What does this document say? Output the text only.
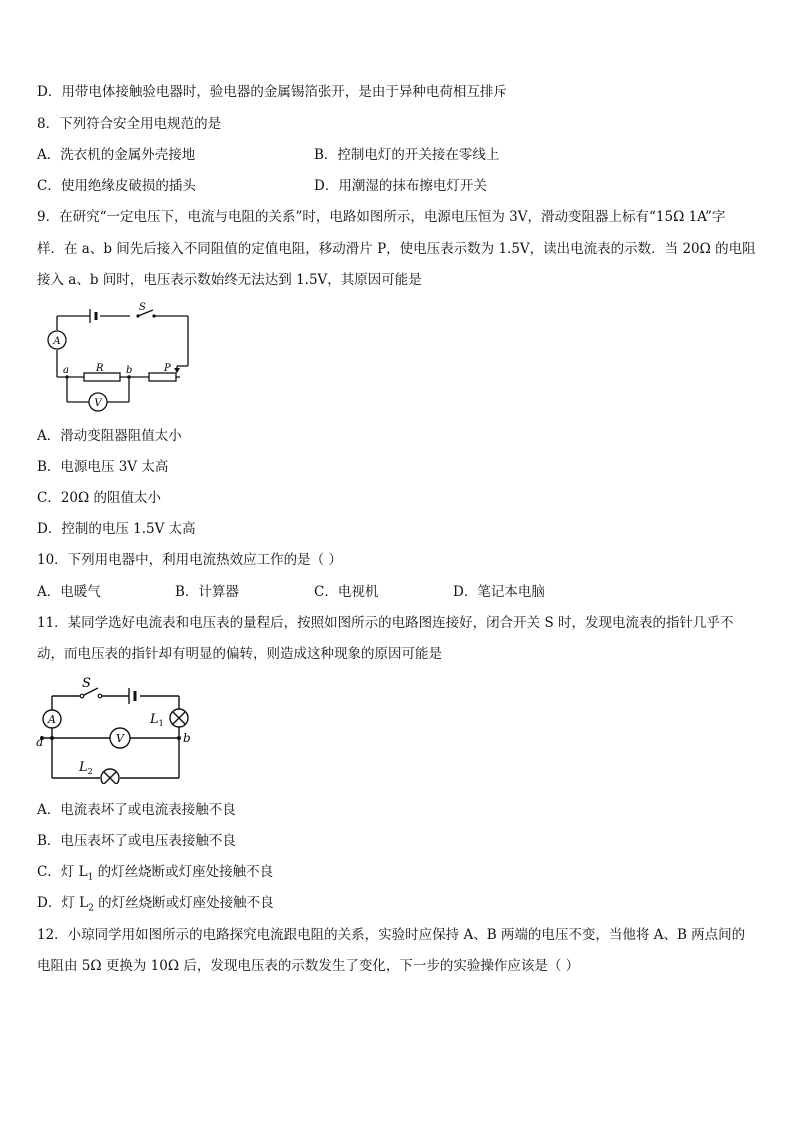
D．用带电体接触验电器时，验电器的金属锡箔张开，是由于异种电荷相互排斥
8．下列符合安全用电规范的是
A．洗衣机的金属外壳接地	B．控制电灯的开关接在零线上
C．使用绝缘皮破损的插头	D．用潮湿的抹布擦电灯开关
9．在研究“一定电压下，电流与电阻的关系”时，电路如图所示，电源电压恒为 3V，滑动变阻器上标有“15Ω 1A”字
样．在 a、b 间先后接入不同阻值的定值电阻，移动滑片 P，使电压表示数为 1.5V，读出电流表的示数．当 20Ω 的电阻
接入 a、b 间时，电压表示数始终无法达到 1.5V，其原因可能是
A
V
S
a	R b	P
A．滑动变阻器阻值太小
B．电源电压 3V 太高
C．20Ω 的阻值太小
D．控制的电压 1.5V 太高
10．下列用电器中，利用电流热效应工作的是（ ）
A．电暖气	B．计算器	C．电视机	D．笔记本电脑
11．某同学选好电流表和电压表的量程后，按照如图所示的电路图连接好，闭合开关 S 时，发现电流表的指针几乎不
动，而电压表的指针却有明显的偏转，则造成这种现象的原因可能是
A
V
S
$L_1$
$L_2$
a	b
A．电流表坏了或电流表接触不良
B．电压表坏了或电压表接触不良
C．灯 $L_1$ 的灯丝烧断或灯座处接触不良
D．灯 $L_2$ 的灯丝烧断或灯座处接触不良
12．小琼同学用如图所示的电路探究电流跟电阻的关系，实验时应保持 A、B 两端的电压不变，当他将 A、B 两点间的
电阻由 5Ω 更换为 10Ω 后，发现电压表的示数发生了变化，下一步的实验操作应该是（ ）
